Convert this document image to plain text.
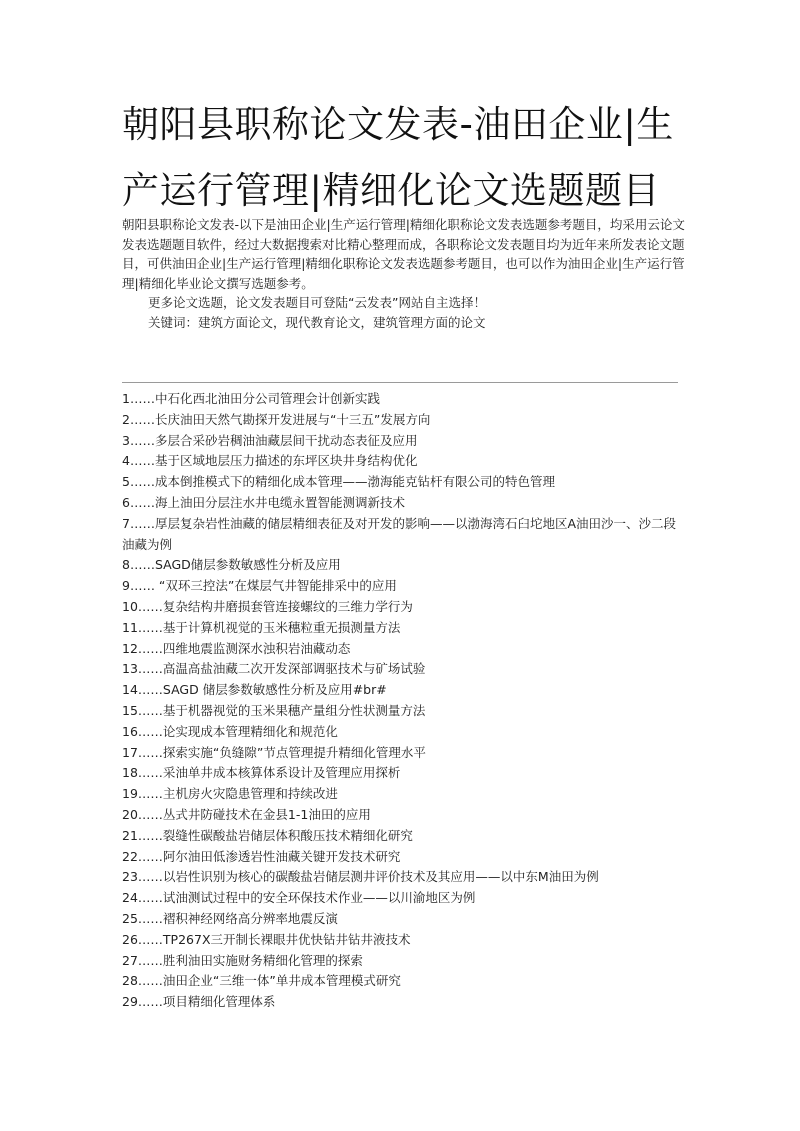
朝阳县职称论文发表-油田企业|生产运行管理|精细化论文选题题目

朝阳县职称论文发表-以下是油田企业|生产运行管理|精细化职称论文发表选题参考题目，均采用云论文发表选题题目软件，经过大数据搜索对比精心整理而成，各职称论文发表题目均为近年来所发表论文题目，可供油田企业|生产运行管理|精细化职称论文发表选题参考题目，也可以作为油田企业|生产运行管理|精细化毕业论文撰写选题参考。

更多论文选题，论文发表题目可登陆“云发表”网站自主选择！

关键词：建筑方面论文，现代教育论文，建筑管理方面的论文

1……中石化西北油田分公司管理会计创新实践
2……长庆油田天然气勘探开发进展与“十三五”发展方向
3……多层合采砂岩稠油油藏层间干扰动态表征及应用
4……基于区域地层压力描述的东坪区块井身结构优化
5……成本倒推模式下的精细化成本管理——渤海能克钻杆有限公司的特色管理
6……海上油田分层注水井电缆永置智能测调新技术
7……厚层复杂岩性油藏的储层精细表征及对开发的影响——以渤海湾石臼坨地区A油田沙一、沙二段油藏为例
8……SAGD储层参数敏感性分析及应用
9…… “双环三控法”在煤层气井智能排采中的应用
10……复杂结构井磨损套管连接螺纹的三维力学行为
11……基于计算机视觉的玉米穗粒重无损测量方法
12……四维地震监测深水浊积岩油藏动态
13……高温高盐油藏二次开发深部调驱技术与矿场试验
14……SAGD 储层参数敏感性分析及应用#br#
15……基于机器视觉的玉米果穗产量组分性状测量方法
16……论实现成本管理精细化和规范化
17……探索实施“负缝隙”节点管理提升精细化管理水平
18……采油单井成本核算体系设计及管理应用探析
19……主机房火灾隐患管理和持续改进
20……丛式井防碰技术在金县1-1油田的应用
21……裂缝性碳酸盐岩储层体积酸压技术精细化研究
22……阿尔油田低渗透岩性油藏关键开发技术研究
23……以岩性识别为核心的碳酸盐岩储层测井评价技术及其应用——以中东M油田为例
24……试油测试过程中的安全环保技术作业——以川渝地区为例
25……褶积神经网络高分辨率地震反演
26……TP267X三开制长裸眼井优快钻井钻井液技术
27……胜利油田实施财务精细化管理的探索
28……油田企业“三维一体”单井成本管理模式研究
29……项目精细化管理体系
